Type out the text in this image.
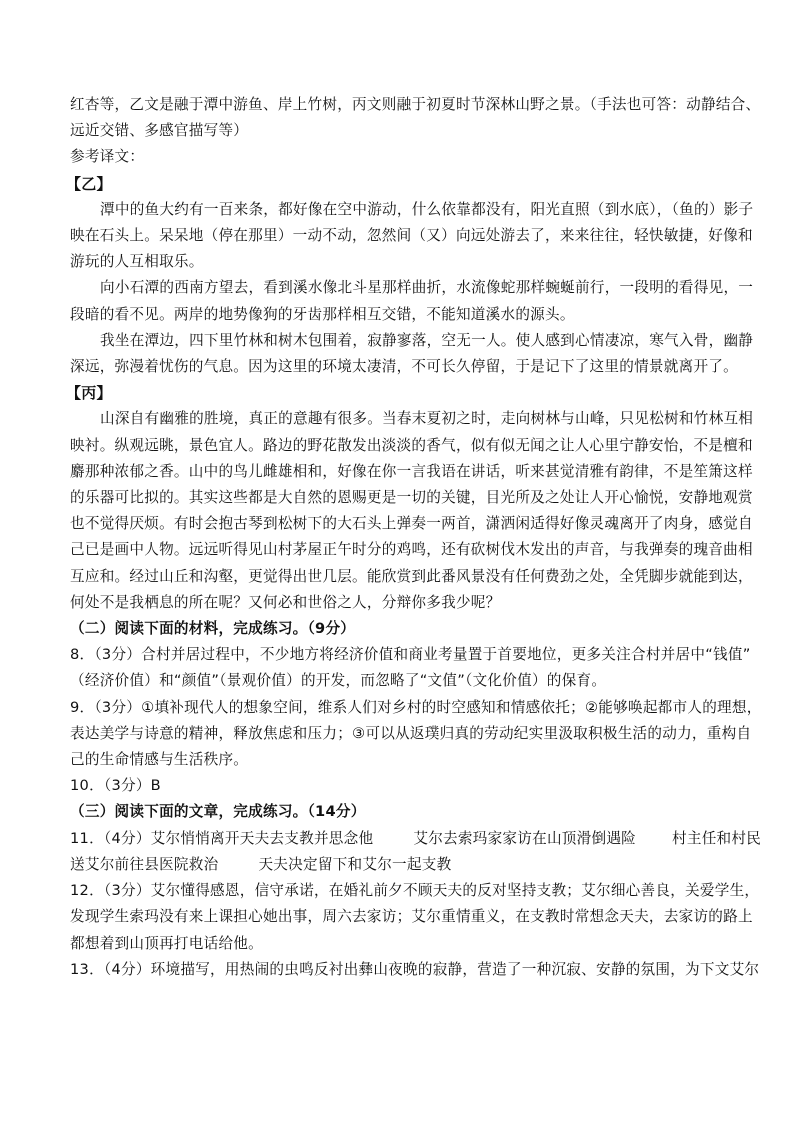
红杏等，乙文是融于潭中游鱼、岸上竹树，丙文则融于初夏时节深林山野之景。（手法也可答：动静结合、
远近交错、多感官描写等）
参考译文：
【乙】
潭中的鱼大约有一百来条，都好像在空中游动，什么依靠都没有，阳光直照（到水底），（鱼的）影子
映在石头上。呆呆地（停在那里）一动不动，忽然间（又）向远处游去了，来来往往，轻快敏捷，好像和
游玩的人互相取乐。
向小石潭的西南方望去，看到溪水像北斗星那样曲折，水流像蛇那样蜿蜒前行，一段明的看得见，一
段暗的看不见。两岸的地势像狗的牙齿那样相互交错，不能知道溪水的源头。
我坐在潭边，四下里竹林和树木包围着，寂静寥落，空无一人。使人感到心情凄凉，寒气入骨，幽静
深远，弥漫着忧伤的气息。因为这里的环境太凄清，不可长久停留，于是记下了这里的情景就离开了。
【丙】
山深自有幽雅的胜境，真正的意趣有很多。当春末夏初之时，走向树林与山峰，只见松树和竹林互相
映衬。纵观远眺，景色宜人。路边的野花散发出淡淡的香气，似有似无闻之让人心里宁静安怡，不是檀和
麝那种浓郁之香。山中的鸟儿雌雄相和，好像在你一言我语在讲话，听来甚觉清雅有韵律，不是笙箫这样
的乐器可比拟的。其实这些都是大自然的恩赐更是一切的关键，目光所及之处让人开心愉悦，安静地观赏
也不觉得厌烦。有时会抱古琴到松树下的大石头上弹奏一两首，潇洒闲适得好像灵魂离开了肉身，感觉自
己已是画中人物。远远听得见山村茅屋正午时分的鸡鸣，还有砍树伐木发出的声音，与我弹奏的瑰音曲相
互应和。经过山丘和沟壑，更觉得出世几层。能欣赏到此番风景没有任何费劲之处，全凭脚步就能到达，
何处不是我栖息的所在呢？又何必和世俗之人，分辩你多我少呢？
（二）阅读下面的材料，完成练习。（9分）
8．（3分）合村并居过程中，不少地方将经济价值和商业考量置于首要地位，更多关注合村并居中“钱值”
（经济价值）和“颜值”（景观价值）的开发，而忽略了“文值”（文化价值）的保育。
9．（3分）①填补现代人的想象空间，维系人们对乡村的时空感知和情感依托；②能够唤起都市人的理想，
表达美学与诗意的精神，释放焦虑和压力；③可以从返璞归真的劳动纪实里汲取积极生活的动力，重构自
己的生命情感与生活秩序。
10．（3分）B
（三）阅读下面的文章，完成练习。（14分）
11．（4分）艾尔悄悄离开天夫去支教并思念他	艾尔去索玛家家访在山顶滑倒遇险 村主任和村民
送艾尔前往县医院救治	天夫决定留下和艾尔一起支教
12．（3分）艾尔懂得感恩，信守承诺，在婚礼前夕不顾天夫的反对坚持支教；艾尔细心善良，关爱学生，
发现学生索玛没有来上课担心她出事，周六去家访；艾尔重情重义，在支教时常想念天夫，去家访的路上
都想着到山顶再打电话给他。
13．（4分）环境描写，用热闹的虫鸣反衬出彝山夜晚的寂静，营造了一种沉寂、安静的氛围，为下文艾尔
